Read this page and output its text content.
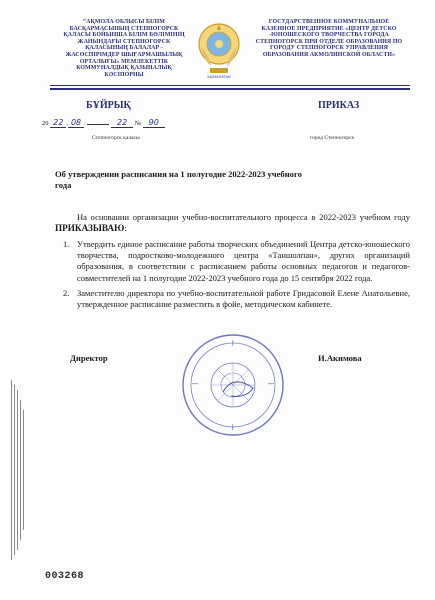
“АҚМОЛА ОБЛЫСЫ БІЛІМ БАСҚАРМАСЫНЫҢ СТЕПНОГОРСК ҚАЛАСЫ БОЙЫНША БІЛІМ БӨЛІМІНІҢ ЖАНЫНДАҒЫ СТЕПНОГОРСК ҚАЛАСЫНЫҢ БАЛАЛАР - ЖАСӨСПІРІМДЕР ШЫҒАРМАШЫЛЫҚ ОРТАЛЫҒЫ» МЕМЛЕКЕТТІК КОММУНАЛДЫҚ ҚАЗЫНАЛЫҚ КӘСІПОРНЫ	KAZAKHSTAN
ГОСУДАРСТВЕННОЕ КОММУНАЛЬНОЕ КАЗЕННОЕ ПРЕДПРИЯТИЕ «ЦЕНТР ДЕТСКО -ЮНОШЕСКОГО ТВОРЧЕСТВА ГОРОДА СТЕПНОГОРСК ПРИ ОТДЕЛЕ ОБРАЗОВАНИЯ ПО ГОРОДУ СТЕПНОГОРСК УПРАВЛЕНИЯ ОБРАЗОВАНИЯ АКМОЛИНСКОЙ ОБЛАСТИ»
БҰЙРЫҚ	ПРИКАЗ
20 22 . 08 .	22 № 90
Степногорск қаласы	город Степногорск
Об утверждении расписания на 1 полугодие 2022-2023 учебного года
На основании организации учебно-воспитательного процесса в 2022-2023 учебном году ПРИКАЗЫВАЮ:
1. Утвердить единое расписание работы творческих объединений Центра детско-юношеского творчества, подростково-молодежного центра «Таншолпан», других организаций образования, в соответствии с расписанием работы основных педагогов и педагогов-совместителей на 1 полугодие 2022-2023 учебного года до 15 сентября 2022 года.
2. Заместителю директора по учебно-воспитательной работе Гридасовой Елене Анатольевне, утвержденное расписание разместить в фойе, методическом кабинете.
Директор	И.Акимова
003268
